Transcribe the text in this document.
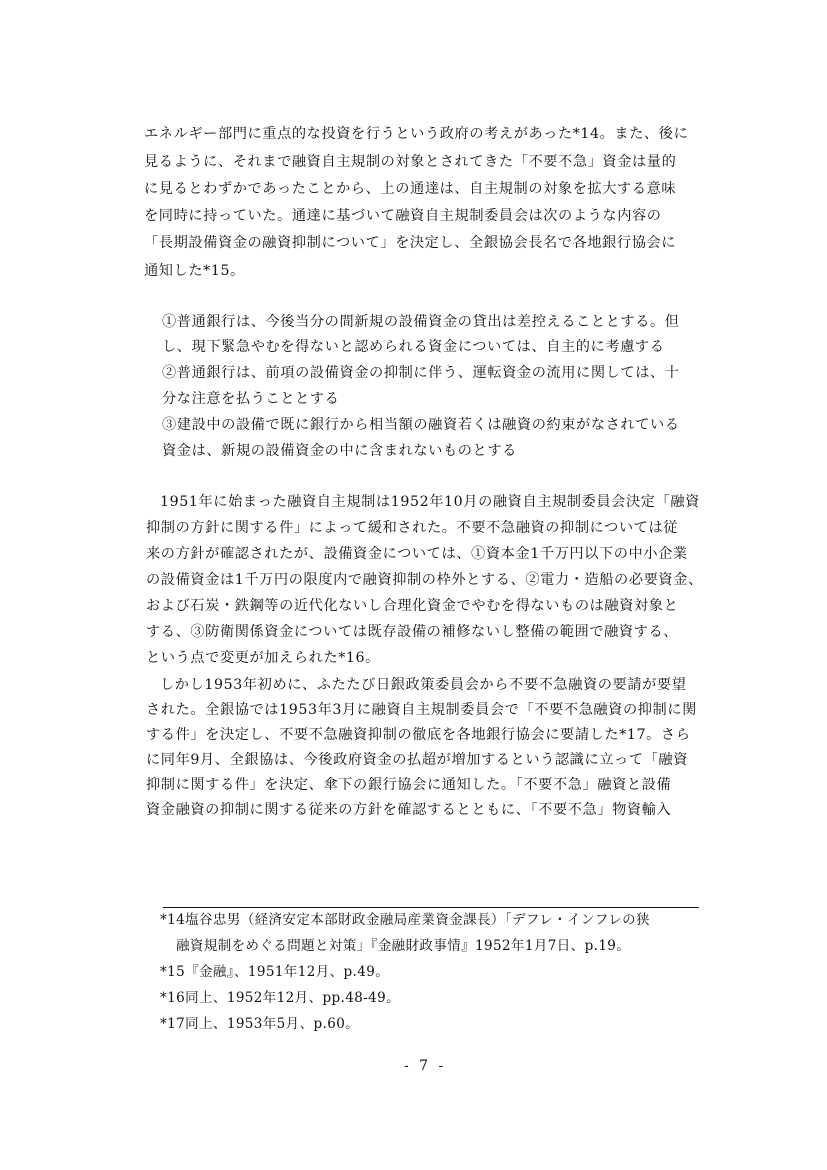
エネルギー部門に重点的な投資を行うという政府の考えがあった*14。また、後に
見るように、それまで融資自主規制の対象とされてきた「不要不急」資金は量的
に見るとわずかであったことから、上の通達は、自主規制の対象を拡大する意味
を同時に持っていた。通達に基づいて融資自主規制委員会は次のような内容の
「長期設備資金の融資抑制について」を決定し、全銀協会長名で各地銀行協会に
通知した*15。
①普通銀行は、今後当分の間新規の設備資金の貸出は差控えることとする。但
し、現下緊急やむを得ないと認められる資金については、自主的に考慮する
②普通銀行は、前項の設備資金の抑制に伴う、運転資金の流用に関しては、十
分な注意を払うこととする
③建設中の設備で既に銀行から相当額の融資若くは融資の約束がなされている
資金は、新規の設備資金の中に含まれないものとする
1951年に始まった融資自主規制は1952年10月の融資自主規制委員会決定「融資
抑制の方針に関する件」によって緩和された。不要不急融資の抑制については従
来の方針が確認されたが、設備資金については、①資本金1千万円以下の中小企業
の設備資金は1千万円の限度内で融資抑制の枠外とする、②電力・造船の必要資金、
および石炭・鉄鋼等の近代化ないし合理化資金でやむを得ないものは融資対象と
する、③防衛関係資金については既存設備の補修ないし整備の範囲で融資する、
という点で変更が加えられた*16。
しかし1953年初めに、ふたたび日銀政策委員会から不要不急融資の要請が要望
された。全銀協では1953年3月に融資自主規制委員会で「不要不急融資の抑制に関
する件」を決定し、不要不急融資抑制の徹底を各地銀行協会に要請した*17。さら
に同年9月、全銀協は、今後政府資金の払超が増加するという認識に立って「融資
抑制に関する件」を決定、傘下の銀行協会に通知した。「不要不急」融資と設備
資金融資の抑制に関する従来の方針を確認するとともに、「不要不急」物資輸入
*14塩谷忠男（経済安定本部財政金融局産業資金課長）「デフレ・インフレの狭
融資規制をめぐる問題と対策」『金融財政事情』1952年1月7日、p.19。
*15『金融』、1951年12月、p.49。
*16同上、1952年12月、pp.48-49。
*17同上、1953年5月、p.60。
- 7 -
